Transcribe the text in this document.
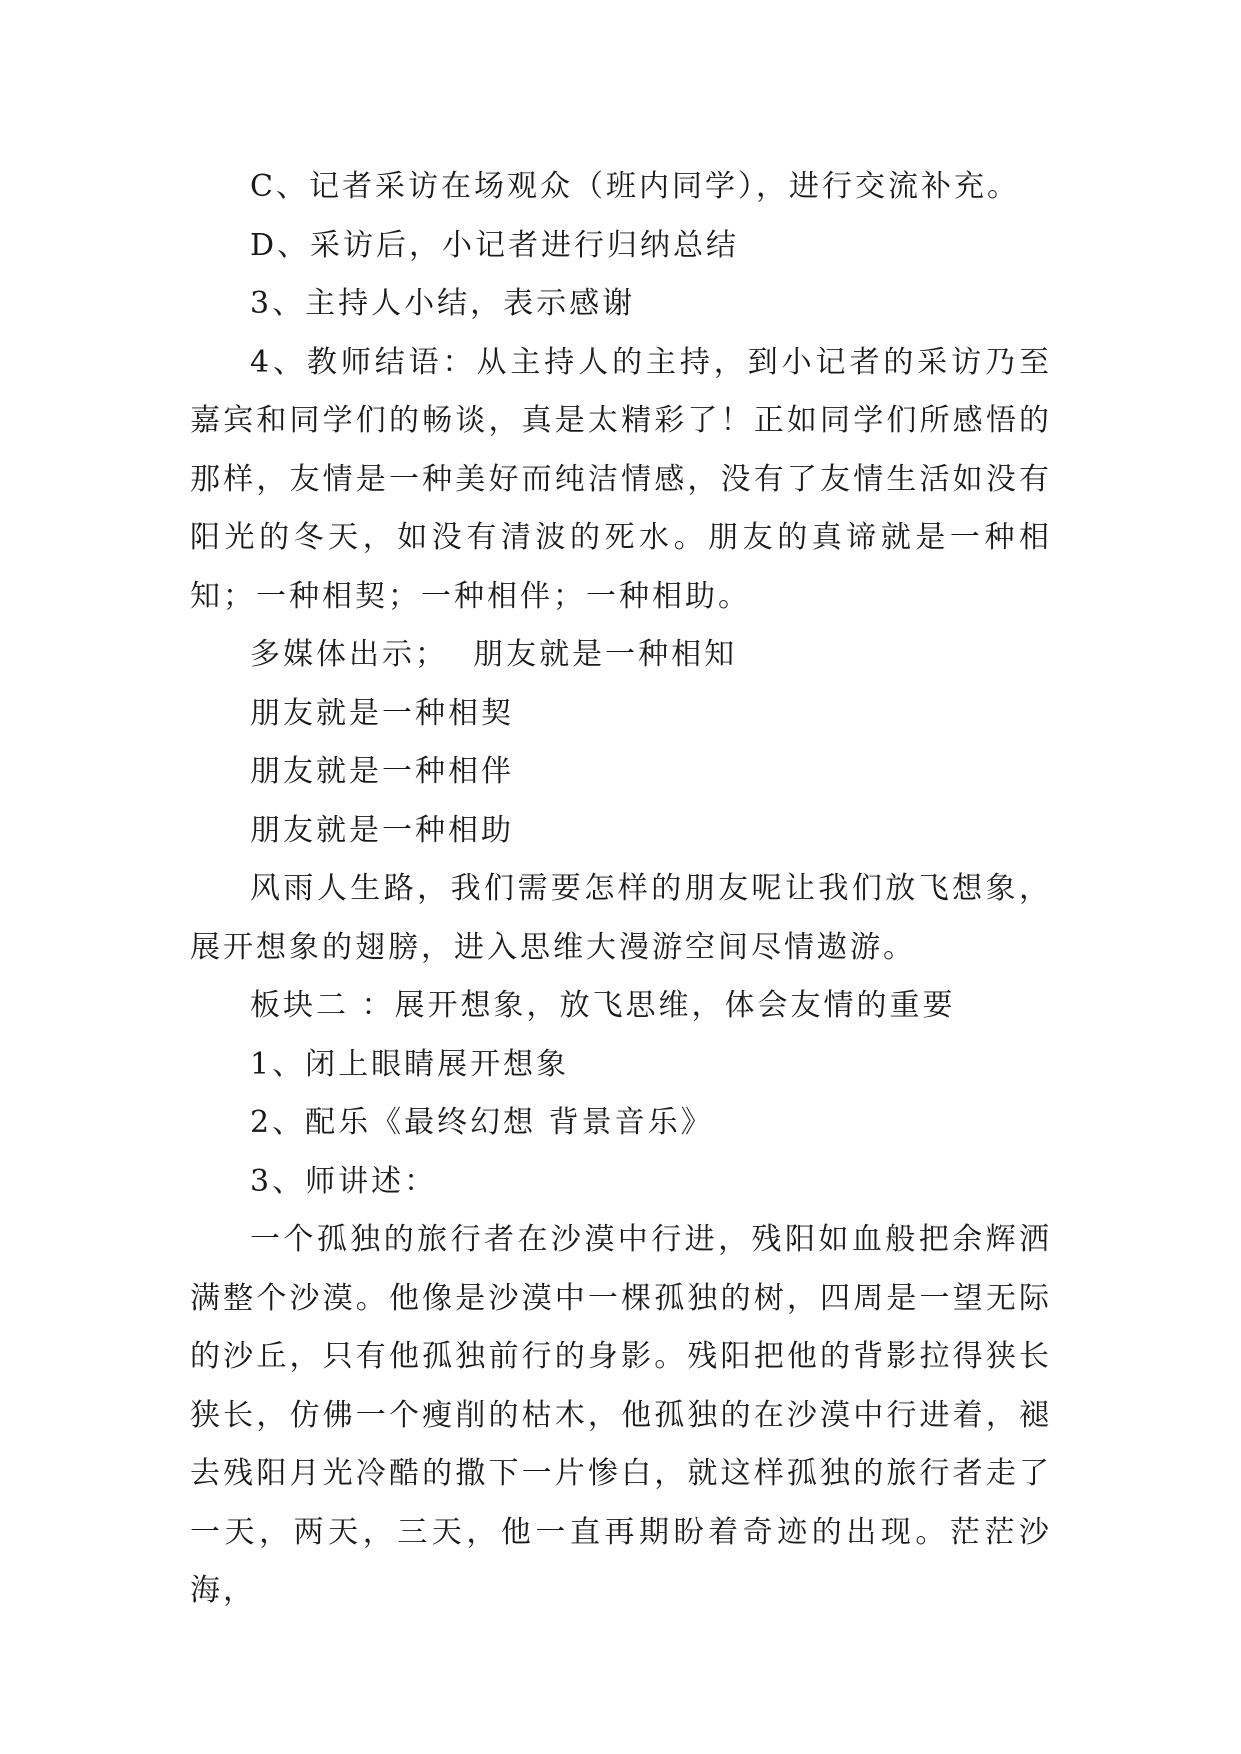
C、记者采访在场观众（班内同学），进行交流补充。

D、采访后，小记者进行归纳总结

3、主持人小结，表示感谢

4、教师结语：从主持人的主持，到小记者的采访乃至嘉宾和同学们的畅谈，真是太精彩了！正如同学们所感悟的那样，友情是一种美好而纯洁情感，没有了友情生活如没有阳光的冬天，如没有清波的死水。朋友的真谛就是一种相知；一种相契；一种相伴；一种相助。

多媒体出示；  朋友就是一种相知

朋友就是一种相契

朋友就是一种相伴

朋友就是一种相助

风雨人生路，我们需要怎样的朋友呢让我们放飞想象，展开想象的翅膀，进入思维大漫游空间尽情遨游。

板块二 ：展开想象，放飞思维，体会友情的重要

1、闭上眼睛展开想象

2、配乐《最终幻想 背景音乐》

3、师讲述：

一个孤独的旅行者在沙漠中行进，残阳如血般把余辉洒满整个沙漠。他像是沙漠中一棵孤独的树，四周是一望无际的沙丘，只有他孤独前行的身影。残阳把他的背影拉得狭长狭长，仿佛一个瘦削的枯木，他孤独的在沙漠中行进着，褪去残阳月光冷酷的撒下一片惨白，就这样孤独的旅行者走了一天，两天，三天，他一直再期盼着奇迹的出现。茫茫沙海，
